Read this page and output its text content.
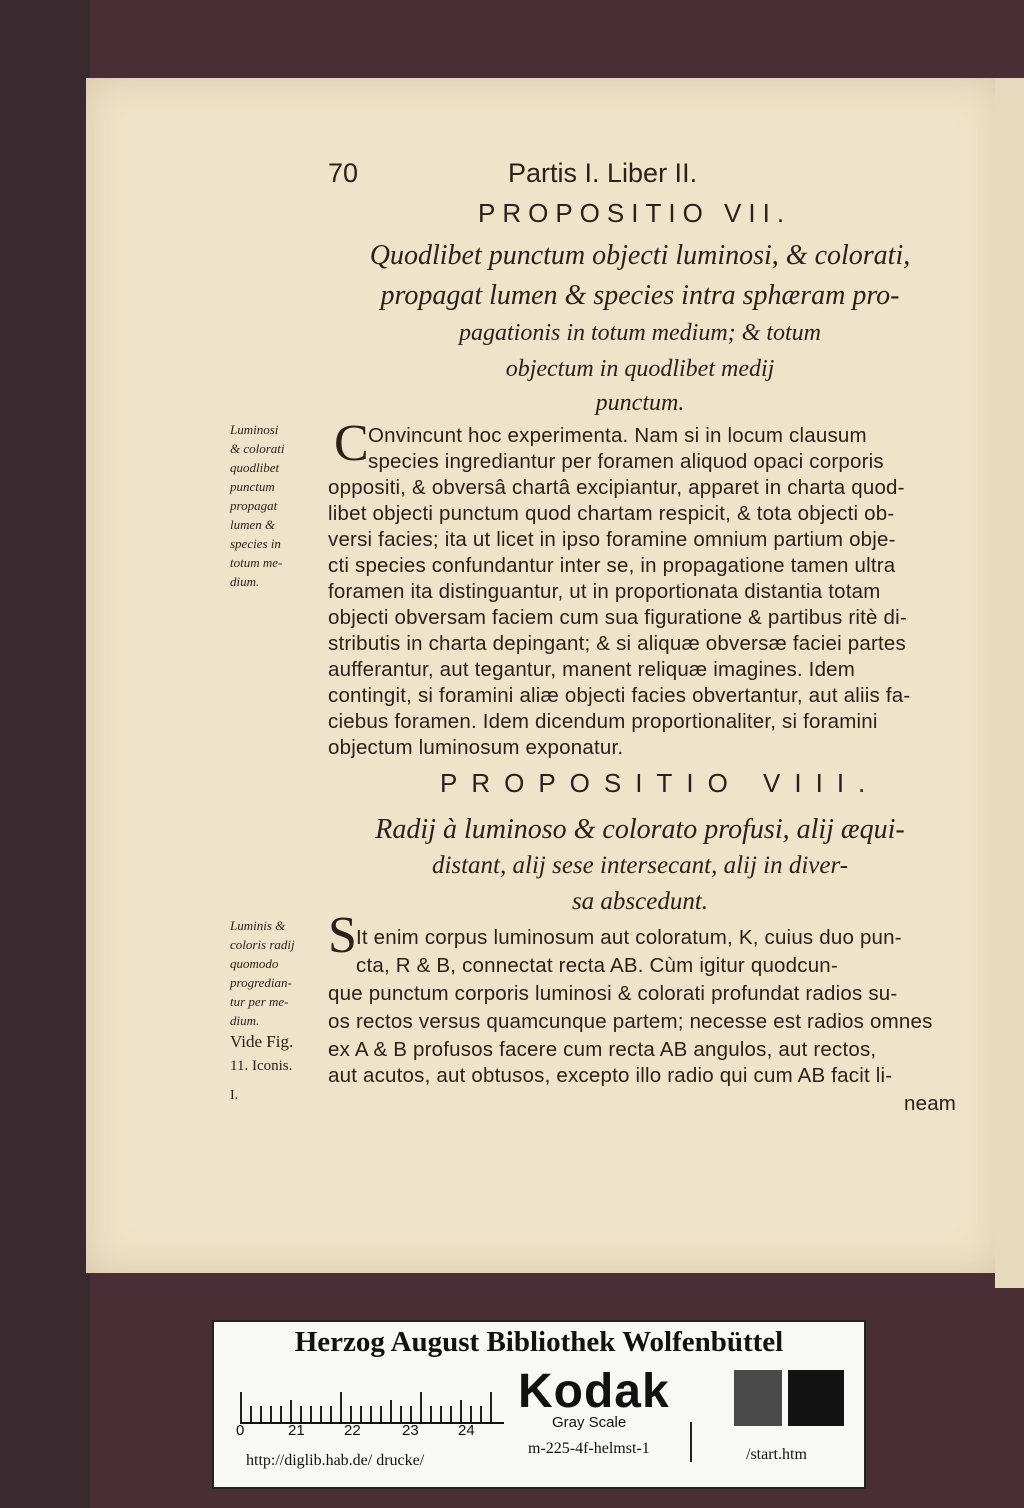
70	Partis I. Liber II.
PROPOSITIO VII.
Quodlibet punctum objecti luminosi, & colorati,
propagat lumen & species intra sphæram pro-
pagationis in totum medium; & totum
objectum in quodlibet medij
punctum.
C Onvincunt hoc experimenta. Nam si in locum clausum
species ingrediantur per foramen aliquod opaci corporis
oppositi, & obversâ chartâ excipiantur, apparet in charta quod-
libet objecti punctum quod chartam respicit, & tota objecti ob-
versi facies; ita ut licet in ipso foramine omnium partium obje-
cti species confundantur inter se, in propagatione tamen ultra
foramen ita distinguantur, ut in proportionata distantia totam
objecti obversam faciem cum sua figuratione & partibus ritè di-
stributis in charta depingant; & si aliquæ obversæ faciei partes
aufferantur, aut tegantur, manent reliquæ imagines. Idem
contingit, si foramini aliæ objecti facies obvertantur, aut aliis fa-
ciebus foramen. Idem dicendum proportionaliter, si foramini
objectum luminosum exponatur.
Luminosi
& colorati
quodlibet
punctum
propagat
lumen &
species in
totum me-
dium.
PROPOSITIO VIII.
Radij à luminoso & colorato profusi, alij æqui-
distant, alij sese intersecant, alij in diver-
sa abscedunt.
S It enim corpus luminosum aut coloratum, K, cuius duo pun-
cta, R & B, connectat recta AB. Cùm igitur quodcun-
que punctum corporis luminosi & colorati profundat radios su-
os rectos versus quamcunque partem; necesse est radios omnes
ex A & B profusos facere cum recta AB angulos, aut rectos,
aut acutos, aut obtusos, excepto illo radio qui cum AB facit li-
neam
Luminis &
coloris radij
quomodo
progredian-
tur per me-
dium.
Vide Fig.
11. Iconis.
I.
Herzog August Bibliothek Wolfenbüttel
0	21	22	23	24
Kodak
Gray Scale
http://diglib.hab.de/ drucke/
m-225-4f-helmst-1	/start.htm
